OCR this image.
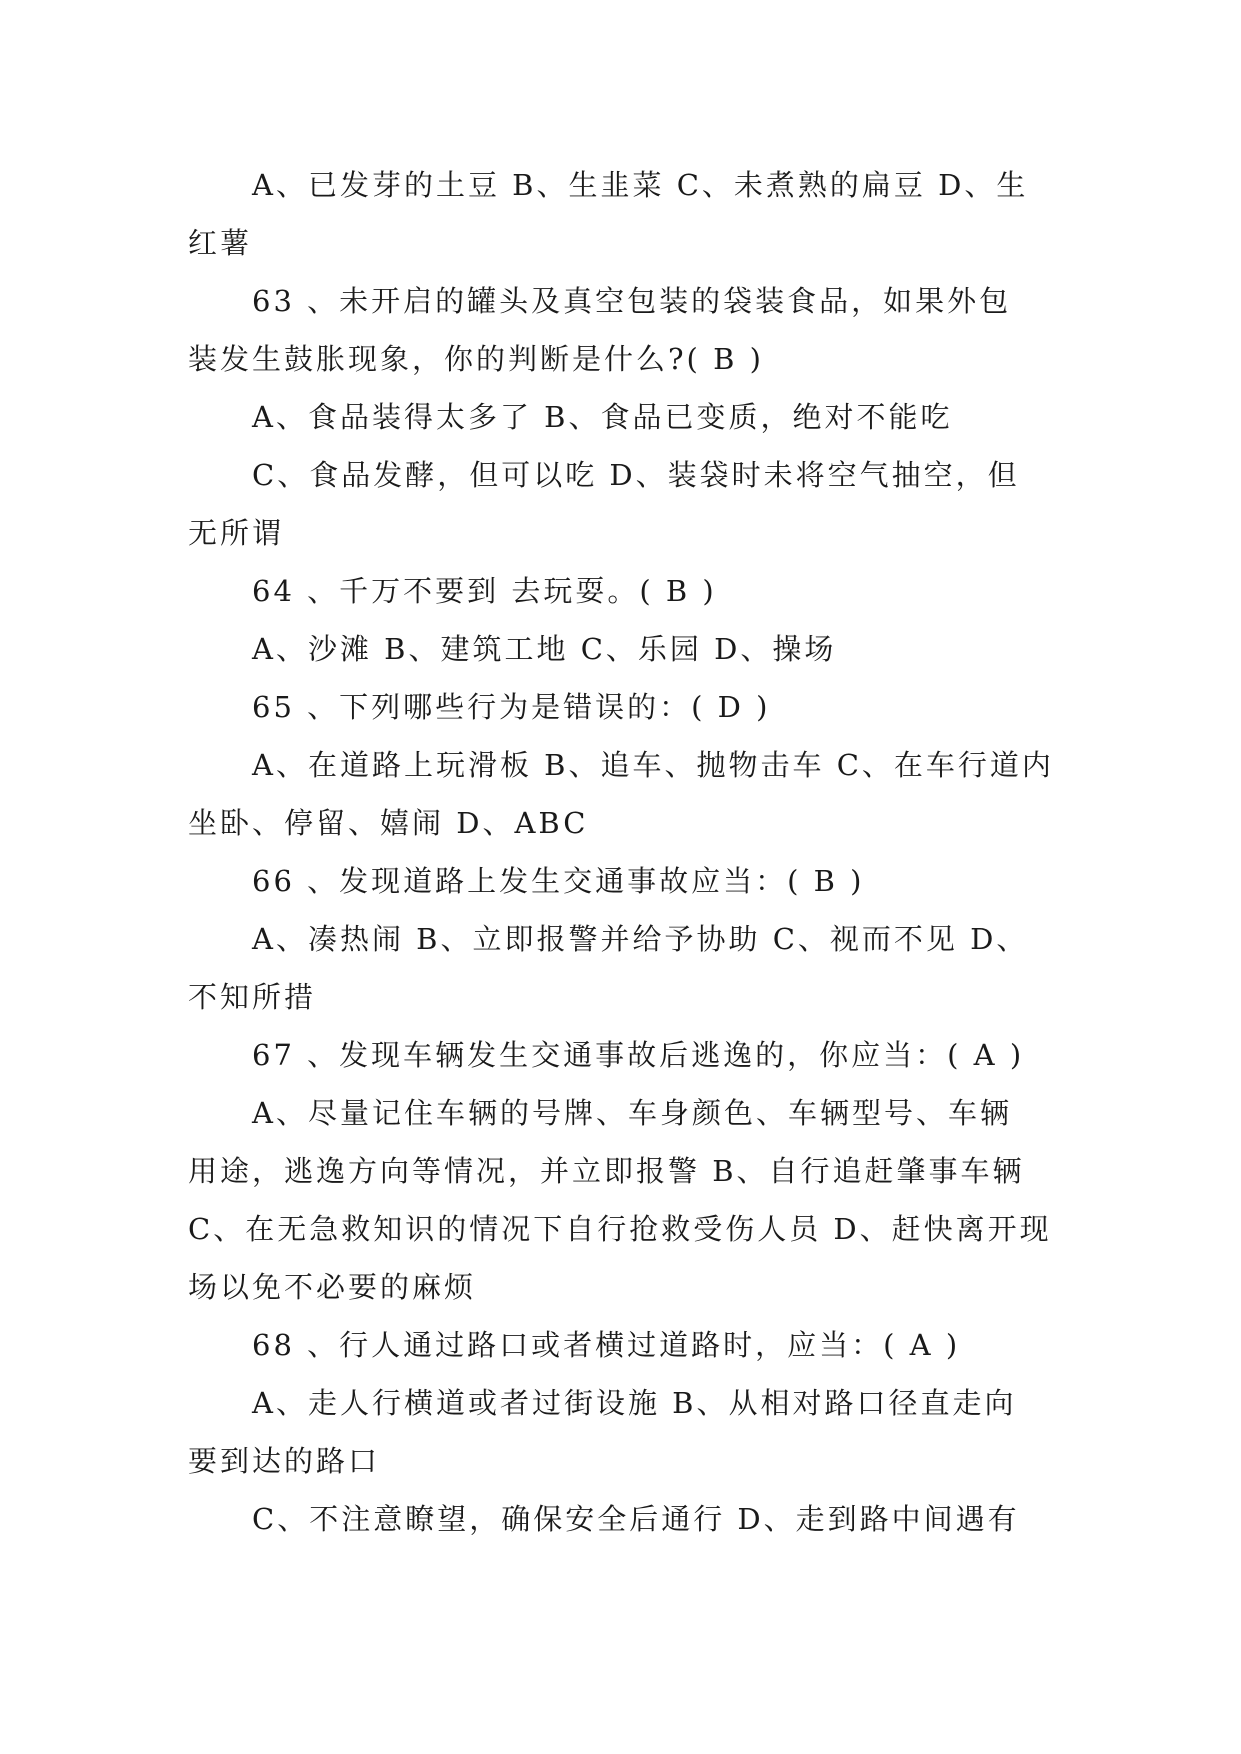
A、已发芽的土豆 B、生韭菜 C、未煮熟的扁豆 D、生
红薯
63 、未开启的罐头及真空包装的袋装食品，如果外包
装发生鼓胀现象，你的判断是什么?( B )
A、食品装得太多了 B、食品已变质，绝对不能吃
C、食品发酵，但可以吃 D、装袋时未将空气抽空，但
无所谓
64 、千万不要到 去玩耍。( B )
A、沙滩 B、建筑工地 C、乐园 D、操场
65 、下列哪些行为是错误的：( D )
A、在道路上玩滑板 B、追车、抛物击车 C、在车行道内
坐卧、停留、嬉闹 D、ABC
66 、发现道路上发生交通事故应当：( B )
A、凑热闹 B、立即报警并给予协助 C、视而不见 D、
不知所措
67 、发现车辆发生交通事故后逃逸的，你应当：( A )
A、尽量记住车辆的号牌、车身颜色、车辆型号、车辆
用途，逃逸方向等情况，并立即报警 B、自行追赶肇事车辆
C、在无急救知识的情况下自行抢救受伤人员 D、赶快离开现
场以免不必要的麻烦
68 、行人通过路口或者横过道路时，应当：( A )
A、走人行横道或者过街设施 B、从相对路口径直走向
要到达的路口
C、不注意瞭望，确保安全后通行 D、走到路中间遇有
